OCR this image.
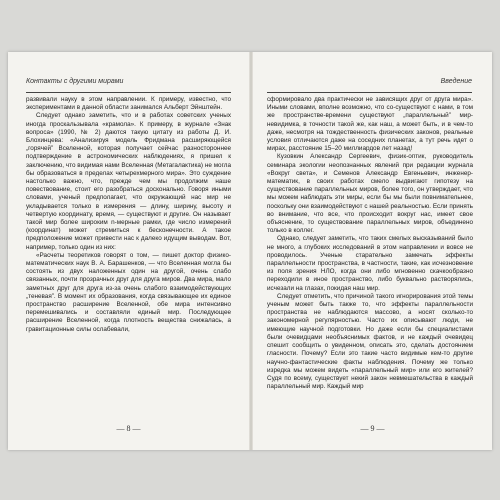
Контакты с другими мирами

развивали науку в этом направлении. К примеру, известно, что экспериментами в данной области занимался Альберт Эйнштейн.

Следует однако заметить, что и в работах советских ученых иногда проскальзывала «крамола». К примеру, в журнале «Знак вопроса» (1990, № 2) даются такую цитату из работы Д. И. Блохинцева: «Анализируя модель Фридмана расширяющейся „горячей” Вселенной, которая получает сейчас разностороннее подтверждение в астрономических наблюдениях, я пришел к заключению, что видимая нами Вселенная (Метагалактика) не могла бы образоваться в пределах четырехмерного мира». Это суждение настолько важно, что, прежде чем мы продолжим наше повествование, стоит его разобраться досконально. Говоря иными словами, ученый предполагает, что окружающий нас мир не укладывается только в измерения — длину, ширину, высоту и четвертую координату, время, — существуют и другие. Он называет такой мир более широким n-мерные рамки, где число измерений (координат) может стремиться к бесконечности. А такое предположение может привести нас к далеко идущим выводам. Вот, например, только один из них:

«Расчеты теоретиков говорят о том, — пишет доктор физико-математических наук В. А. Барашенков, — что Вселенная могла бы состоять из двух наложенных один на другой, очень слабо связанных, почти прозрачных друг для друга миров. Два мира, мало заметных друг для друга из-за очень слабого взаимодействующих „теневая”. В момент их образования, когда связывающее их единое пространство расширение Вселенной, обе мира интенсивно перемешивались и составляли единый мир. Последующее расширение Вселенной, когда плотность вещества снижалась, а гравитационные силы ослабевали,

— 8 —
Введение

сформировало два практически не зависящих друг от друга мира». Иными словами, вполне возможно, что со-существуют с нами, в том же пространстве-времени существуют „параллельный” мир-невидимка, в точности такой же, как наш, а может быть, и в чем-то даже, несмотря на тождественность физических законов, реальные условия отличаются даже на соседних планетах, а тут речь идет о мирах, расстояние 15–20 миллиардов лет назад!

Кузовкин Александр Сергеевич, физик-оптик, руководитель семинара экологии неопознанных явлений при редакции журнала «Вокруг света», и Семенов Александр Евгеньевич, инженер-математик, в своих работах смело выдвигают гипотезу на существование параллельных миров, более того, он утверждает, что мы можем наблюдать эти миры, если бы мы были повнимательнее, поскольку они взаимодействуют с нашей реальностью. Если принять во внимание, что все, что происходит вокруг нас, имеет свое объяснение, то существование параллельных миров, объединено только в коллег.

Однако, следует заметить, что таких смелых высказываний было не много, а глубоких исследований в этом направлении и вовсе не проводилось. Ученые старательно замечать эффекты параллельности пространства, в частности, такие, как исчезновение из поля зрения НЛО, когда они либо мгновенно скачкообразно переходили в иное пространство, либо буквально растворялись, исчезали на глазах, покидая наш мир.

Следует отметить, что причиной такого игнорирования этой темы ученым может быть также то, что эффекты параллельности пространства не наблюдаются массово, а носят сколько-то закономерной регулярностью. Часто их описывают люди, не имеющие научной подготовки. Но даже если бы специалистами были очевидцами необъяснимых фактов, и не каждый очевидец спешит сообщить о увиденном, описать это, сделать достоянием гласности. Почему? Если это такие часто видимые кем-то другие научно-фантастические факты наблюдения. Почему же только изредка мы можем видеть «параллельный мир» или его жителей? Судя по всему, существует некий закон невмешательства в каждый параллельный мир. Каждый мир

— 9 —
